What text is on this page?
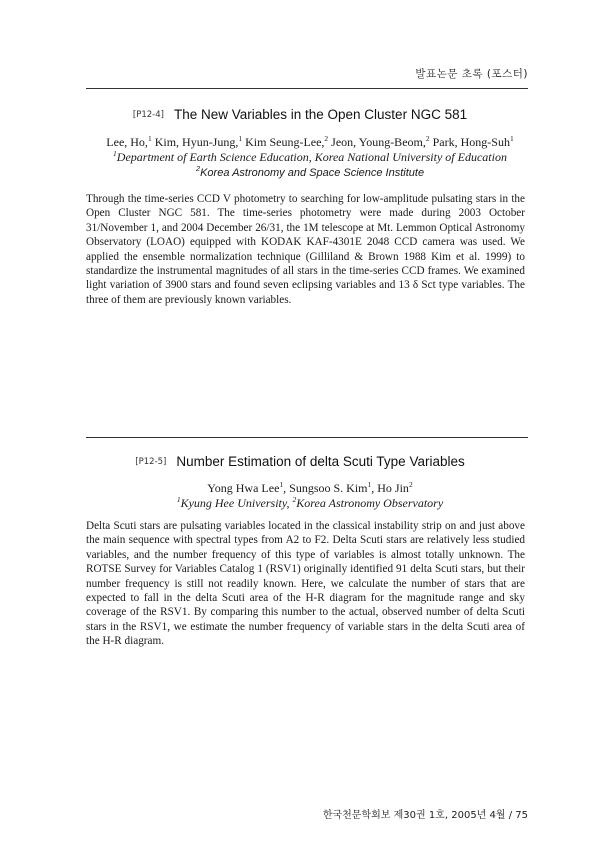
발표논문 초록 (포스터)
[P12-4] The New Variables in the Open Cluster NGC 581
Lee, Ho,$^1$ Kim, Hyun-Jung,$^1$ Kim Seung-Lee,$^2$ Jeon, Young-Beom,$^2$ Park, Hong-Suh$^1$
$^1$Department of Earth Science Education, Korea National University of Education
$^2$Korea Astronomy and Space Science Institute

Through the time-series CCD V photometry to searching for low-amplitude pulsating stars in the Open Cluster NGC 581. The time-series photometry were made during 2003 October 31/November 1, and 2004 December 26/31, the 1M telescope at Mt. Lemmon Optical Astronomy Observatory (LOAO) equipped with KODAK KAF-4301E 2048 CCD camera was used. We applied the ensemble normalization technique (Gilliland & Brown 1988 Kim et al. 1999) to standardize the instrumental magnitudes of all stars in the time-series CCD frames. We examined light variation of 3900 stars and found seven eclipsing variables and 13 δ Sct type variables. The three of them are previously known variables.

[P12-5] Number Estimation of delta Scuti Type Variables
Yong Hwa Lee$^1$, Sungsoo S. Kim$^1$, Ho Jin$^2$
$^1$Kyung Hee University, $^2$Korea Astronomy Observatory

Delta Scuti stars are pulsating variables located in the classical instability strip on and just above the main sequence with spectral types from A2 to F2. Delta Scuti stars are relatively less studied variables, and the number frequency of this type of variables is almost totally unknown. The ROTSE Survey for Variables Catalog 1 (RSV1) originally identified 91 delta Scuti stars, but their number frequency is still not readily known. Here, we calculate the number of stars that are expected to fall in the delta Scuti area of the H-R diagram for the magnitude range and sky coverage of the RSV1. By comparing this number to the actual, observed number of delta Scuti stars in the RSV1, we estimate the number frequency of variable stars in the delta Scuti area of the H-R diagram.

한국천문학회보 제30권 1호, 2005년 4월 / 75
